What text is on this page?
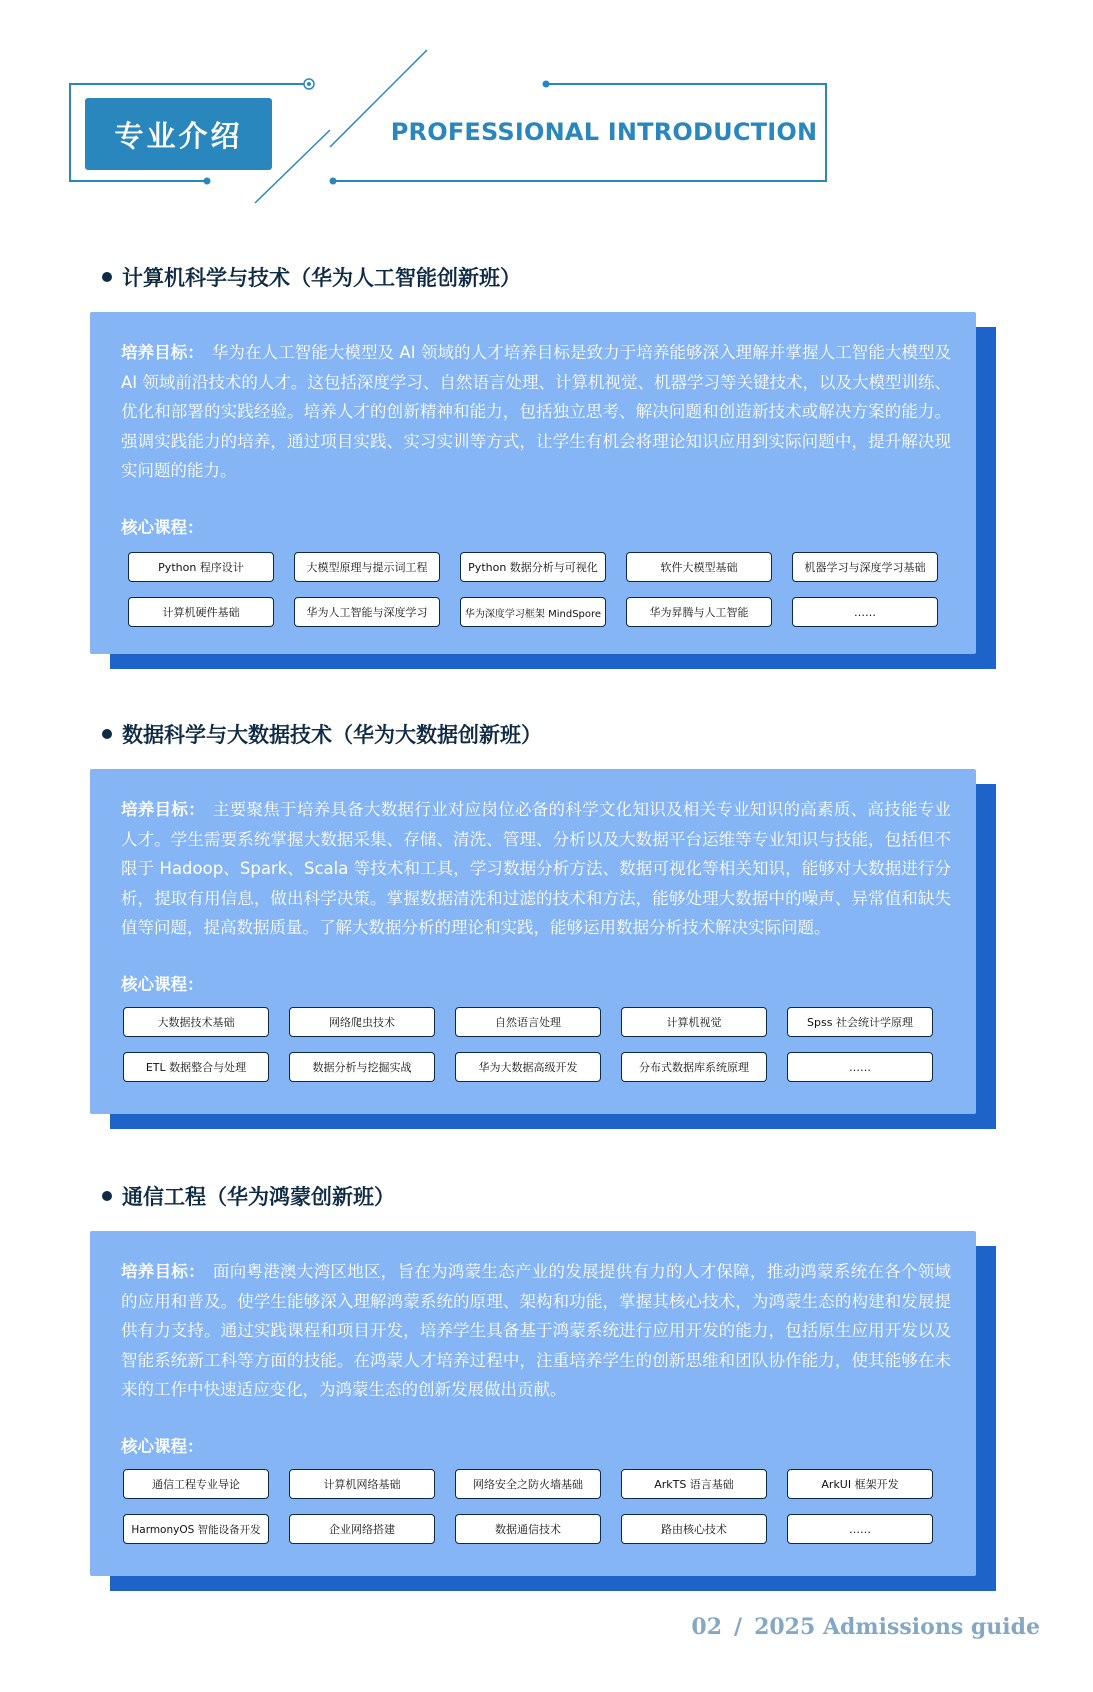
专业介绍	PROFESSIONAL INTRODUCTION
计算机科学与技术（华为人工智能创新班）
培养目标： 华为在人工智能大模型及 AI 领域的人才培养目标是致力于培养能够深入理解并掌握人工智能大模型及 AI 领域前沿技术的人才。这包括深度学习、自然语言处理、计算机视觉、机器学习等关键技术，以及大模型训练、优化和部署的实践经验。培养人才的创新精神和能力，包括独立思考、解决问题和创造新技术或解决方案的能力。强调实践能力的培养，通过项目实践、实习实训等方式，让学生有机会将理论知识应用到实际问题中，提升解决现实问题的能力。
核心课程：
Python 程序设计	大模型原理与提示词工程	Python 数据分析与可视化	软件大模型基础	机器学习与深度学习基础
计算机硬件基础	华为人工智能与深度学习	华为深度学习框架 MindSpore	华为昇腾与人工智能	……
数据科学与大数据技术（华为大数据创新班）
培养目标： 主要聚焦于培养具备大数据行业对应岗位必备的科学文化知识及相关专业知识的高素质、高技能专业人才。学生需要系统掌握大数据采集、存储、清洗、管理、分析以及大数据平台运维等专业知识与技能，包括但不限于 Hadoop、Spark、Scala 等技术和工具，学习数据分析方法、数据可视化等相关知识，能够对大数据进行分析，提取有用信息，做出科学决策。掌握数据清洗和过滤的技术和方法，能够处理大数据中的噪声、异常值和缺失值等问题，提高数据质量。了解大数据分析的理论和实践，能够运用数据分析技术解决实际问题。
核心课程：
大数据技术基础	网络爬虫技术	自然语言处理	计算机视觉	Spss 社会统计学原理
ETL 数据整合与处理	数据分析与挖掘实战	华为大数据高级开发	分布式数据库系统原理	……
通信工程（华为鸿蒙创新班）
培养目标： 面向粤港澳大湾区地区，旨在为鸿蒙生态产业的发展提供有力的人才保障，推动鸿蒙系统在各个领域的应用和普及。使学生能够深入理解鸿蒙系统的原理、架构和功能，掌握其核心技术，为鸿蒙生态的构建和发展提供有力支持。通过实践课程和项目开发，培养学生具备基于鸿蒙系统进行应用开发的能力，包括原生应用开发以及智能系统新工科等方面的技能。在鸿蒙人才培养过程中，注重培养学生的创新思维和团队协作能力，使其能够在未来的工作中快速适应变化，为鸿蒙生态的创新发展做出贡献。
核心课程：
通信工程专业导论	计算机网络基础	网络安全之防火墙基础	ArkTS 语言基础	ArkUI 框架开发
HarmonyOS 智能设备开发	企业网络搭建	数据通信技术	路由核心技术	……
02 / 2025 Admissions guide
